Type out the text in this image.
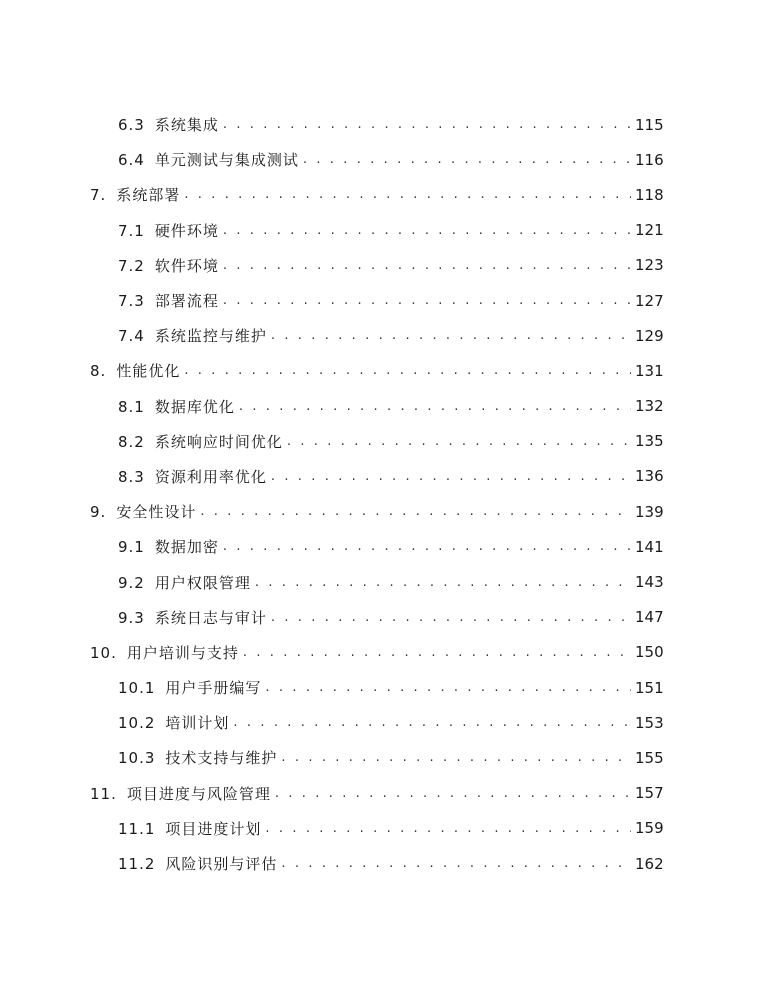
6.3 系统集成 . . .	115
6.4 单元测试与集成测试 . . .	116
7. 系统部署 . . .	118
7.1 硬件环境 . . .	121
7.2 软件环境 . . .	123
7.3 部署流程 . . .	127
7.4 系统监控与维护 . . .	129
8. 性能优化 . . .	131
8.1 数据库优化 . . .	132
8.2 系统响应时间优化 . . .	135
8.3 资源利用率优化 . . .	136
9. 安全性设计 . . .	139
9.1 数据加密 . . .	141
9.2 用户权限管理 . . .	143
9.3 系统日志与审计 . . .	147
10. 用户培训与支持 . . .	150
10.1 用户手册编写 . . .	151
10.2 培训计划 . . .	153
10.3 技术支持与维护 . . .	155
11. 项目进度与风险管理 . . .	157
11.1 项目进度计划 . . .	159
11.2 风险识别与评估 . . .	162
